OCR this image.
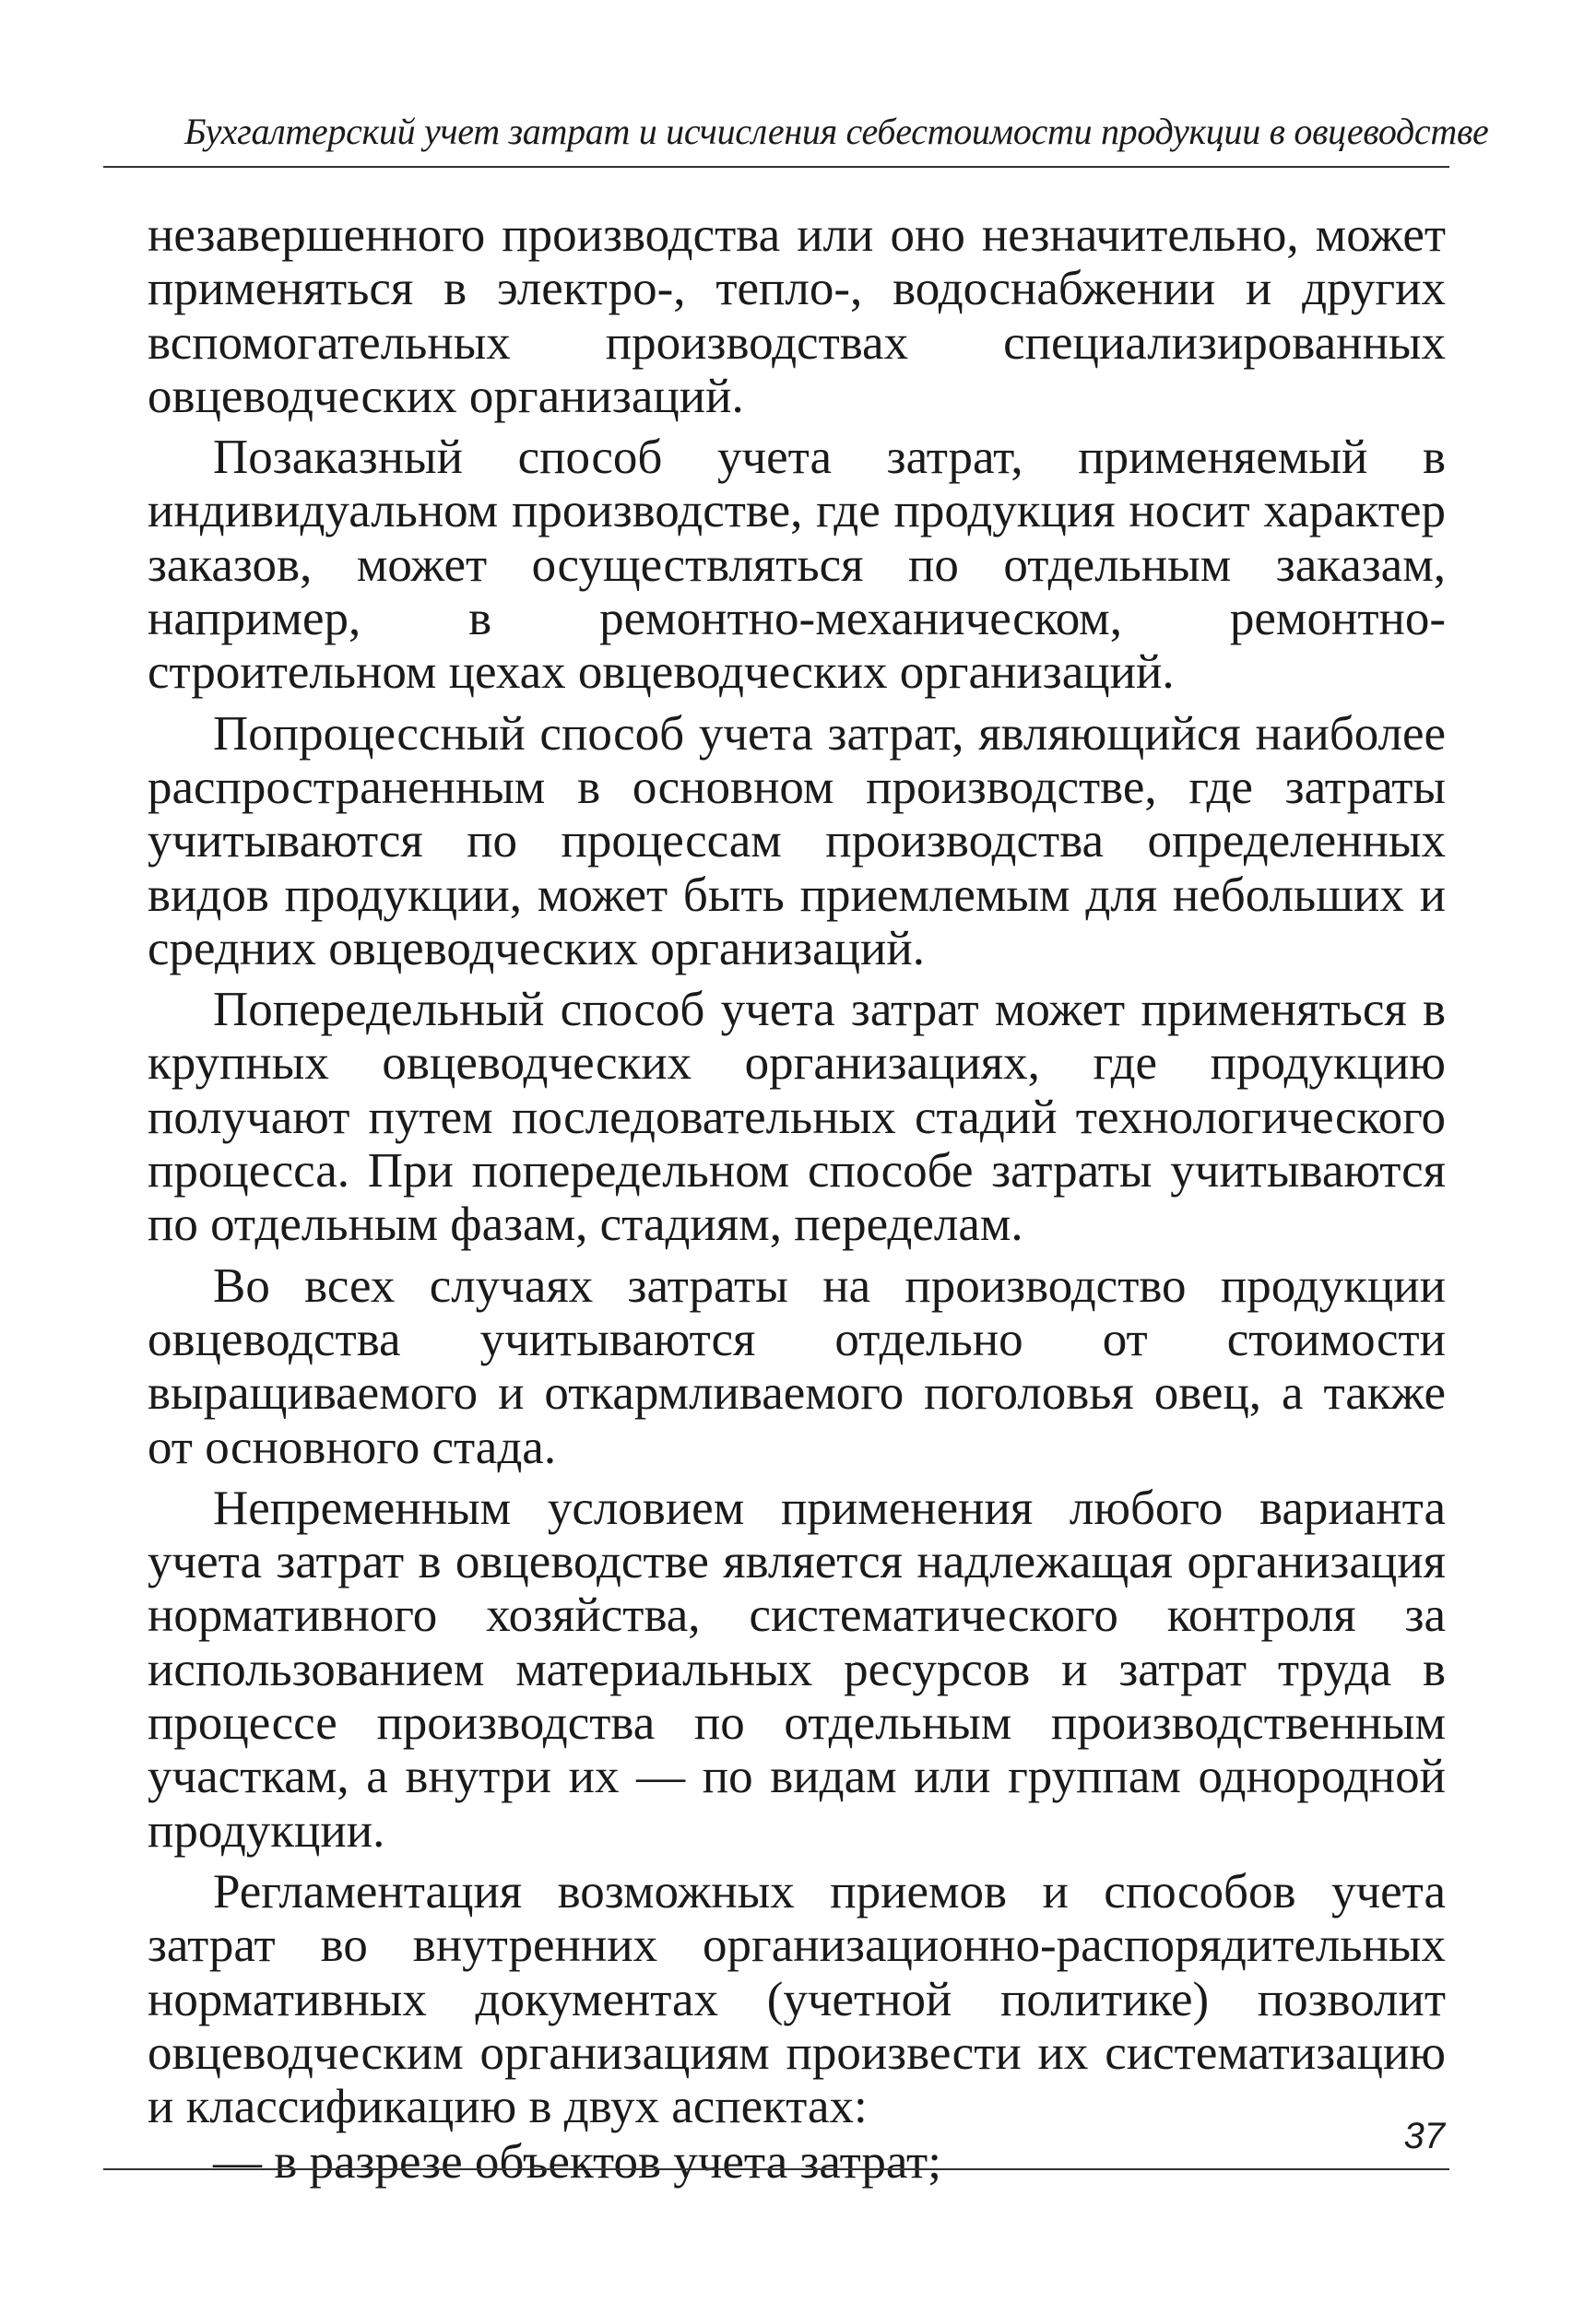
Бухгалтерский учет затрат и исчисления себестоимости продукции в овцеводстве

незавершенного производства или оно незначительно, может применяться в электро-, тепло-, водоснабжении и других вспомогательных производствах специализированных овцеводческих организаций.

Позаказный способ учета затрат, применяемый в индивидуальном производстве, где продукция носит характер заказов, может осуществляться по отдельным заказам, например, в ремонтно-механическом, ремонтно-строительном цехах овцеводческих организаций.

Попроцессный способ учета затрат, являющийся наиболее распространенным в основном производстве, где затраты учитываются по процессам производства определенных видов продукции, может быть приемлемым для небольших и средних овцеводческих организаций.

Попередельный способ учета затрат может применяться в крупных овцеводческих организациях, где продукцию получают путем последовательных стадий технологического процесса. При попередельном способе затраты учитываются по отдельным фазам, стадиям, переделам.

Во всех случаях затраты на производство продукции овцеводства учитываются отдельно от стоимости выращиваемого и откармливаемого поголовья овец, а также от основного стада.

Непременным условием применения любого варианта учета затрат в овцеводстве является надлежащая организация нормативного хозяйства, систематического контроля за использованием материальных ресурсов и затрат труда в процессе производства по отдельным производственным участкам, а внутри их — по видам или группам однородной продукции.

Регламентация возможных приемов и способов учета затрат во внутренних организационно-распорядительных нормативных документах (учетной политике) позволит овцеводческим организациям произвести их систематизацию и классификацию в двух аспектах:

— в разрезе объектов учета затрат;	37
